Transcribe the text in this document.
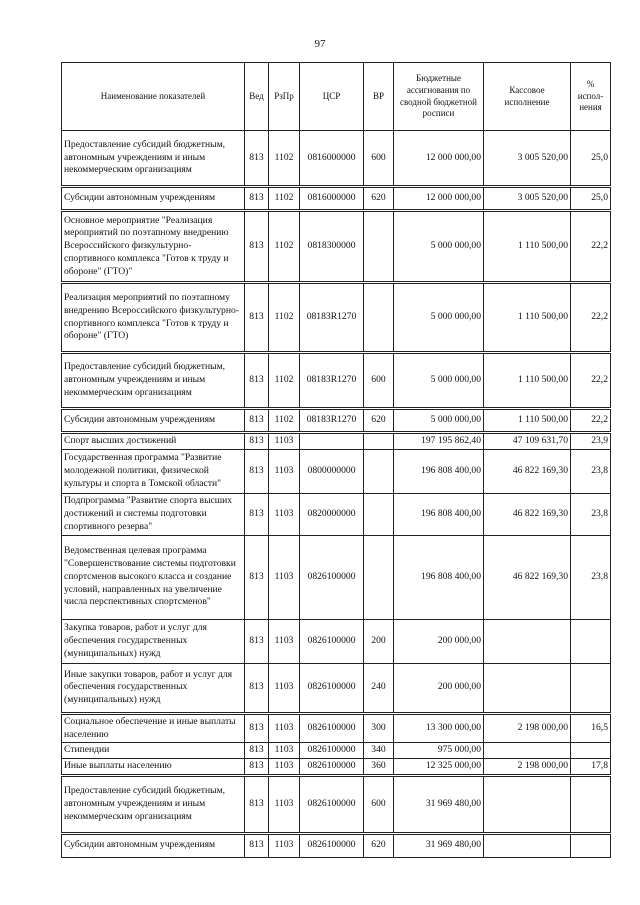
97
Наименование показателей	Вед	РзПр	ЦСР	ВР	Бюджетные ассигнования по сводной бюджетной росписи	Кассовое исполнение	% испол-нения
Предоставление субсидий бюджетным, автономным учреждениям и иным некоммерческим организациям	813	1102	0816000000	600	12 000 000,00	3 005 520,00	25,0
Субсидии автономным учреждениям	813	1102	0816000000	620	12 000 000,00	3 005 520,00	25,0
Основное мероприятие "Реализация мероприятий по поэтапному внедрению Всероссийского физкультурно-спортивного комплекса "Готов к труду и обороне" (ГТО)"	813	1102	0818300000		5 000 000,00	1 110 500,00	22,2
Реализация мероприятий по поэтапному внедрению Всероссийского физкультурно-спортивного комплекса "Готов к труду и обороне" (ГТО)	813	1102	08183R1270		5 000 000,00	1 110 500,00	22,2
Предоставление субсидий бюджетным, автономным учреждениям и иным некоммерческим организациям	813	1102	08183R1270	600	5 000 000,00	1 110 500,00	22,2
Субсидии автономным учреждениям	813	1102	08183R1270	620	5 000 000,00	1 110 500,00	22,2
Спорт высших достижений	813	1103			197 195 862,40	47 109 631,70	23,9
Государственная программа "Развитие молодежной политики, физической культуры и спорта в Томской области"	813	1103	0800000000		196 808 400,00	46 822 169,30	23,8
Подпрограмма "Развитие спорта высших достижений и системы подготовки спортивного резерва"	813	1103	0820000000		196 808 400,00	46 822 169,30	23,8
Ведомственная целевая программа "Совершенствование системы подготовки спортсменов высокого класса и создание условий, направленных на увеличение числа перспективных спортсменов"	813	1103	0826100000		196 808 400,00	46 822 169,30	23,8
Закупка товаров, работ и услуг для обеспечения государственных (муниципальных) нужд	813	1103	0826100000	200	200 000,00		
Иные закупки товаров, работ и услуг для обеспечения государственных (муниципальных) нужд	813	1103	0826100000	240	200 000,00		
Социальное обеспечение и иные выплаты населению	813	1103	0826100000	300	13 300 000,00	2 198 000,00	16,5
Стипендии	813	1103	0826100000	340	975 000,00		
Иные выплаты населению	813	1103	0826100000	360	12 325 000,00	2 198 000,00	17,8
Предоставление субсидий бюджетным, автономным учреждениям и иным некоммерческим организациям	813	1103	0826100000	600	31 969 480,00		
Субсидии автономным учреждениям	813	1103	0826100000	620	31 969 480,00		
